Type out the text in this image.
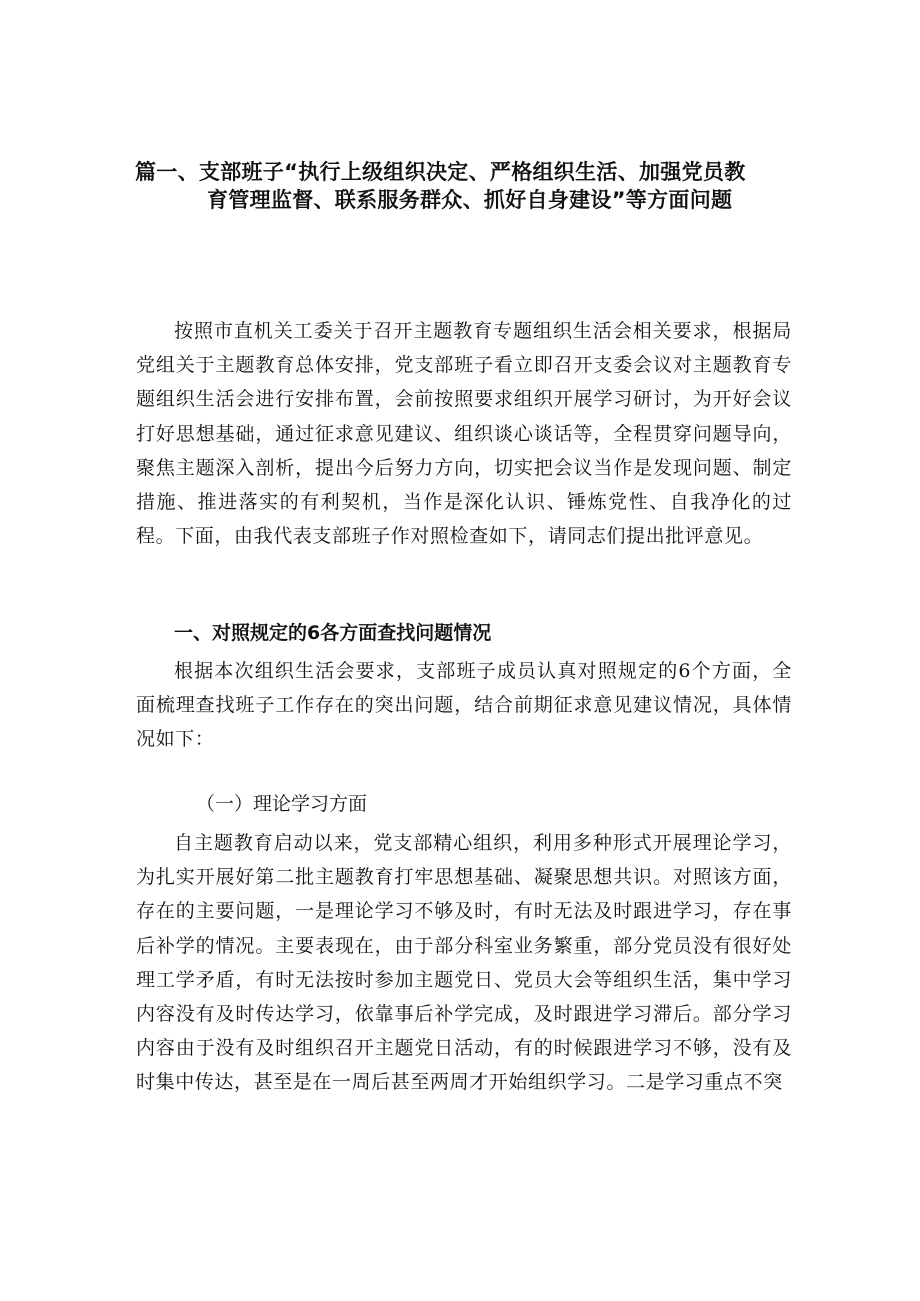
篇一、支部班子“执行上级组织决定、严格组织生活、加强党员教
育管理监督、联系服务群众、抓好自身建设”等方面问题

按照市直机关工委关于召开主题教育专题组织生活会相关要求，根据局党组关于主题教育总体安排，党支部班子看立即召开支委会议对主题教育专题组织生活会进行安排布置，会前按照要求组织开展学习研讨，为开好会议打好思想基础，通过征求意见建议、组织谈心谈话等，全程贯穿问题导向，聚焦主题深入剖析，提出今后努力方向，切实把会议当作是发现问题、制定措施、推进落实的有利契机，当作是深化认识、锤炼党性、自我净化的过程。下面，由我代表支部班子作对照检查如下，请同志们提出批评意见。

一、对照规定的6各方面查找问题情况

根据本次组织生活会要求，支部班子成员认真对照规定的6个方面，全面梳理查找班子工作存在的突出问题，结合前期征求意见建议情况，具体情况如下：

（一）理论学习方面

自主题教育启动以来，党支部精心组织，利用多种形式开展理论学习，为扎实开展好第二批主题教育打牢思想基础、凝聚思想共识。对照该方面，存在的主要问题，一是理论学习不够及时，有时无法及时跟进学习，存在事后补学的情况。主要表现在，由于部分科室业务繁重，部分党员没有很好处理工学矛盾，有时无法按时参加主题党日、党员大会等组织生活，集中学习内容没有及时传达学习，依靠事后补学完成，及时跟进学习滞后。部分学习内容由于没有及时组织召开主题党日活动，有的时候跟进学习不够，没有及时集中传达，甚至是在一周后甚至两周才开始组织学习。二是学习重点不突
